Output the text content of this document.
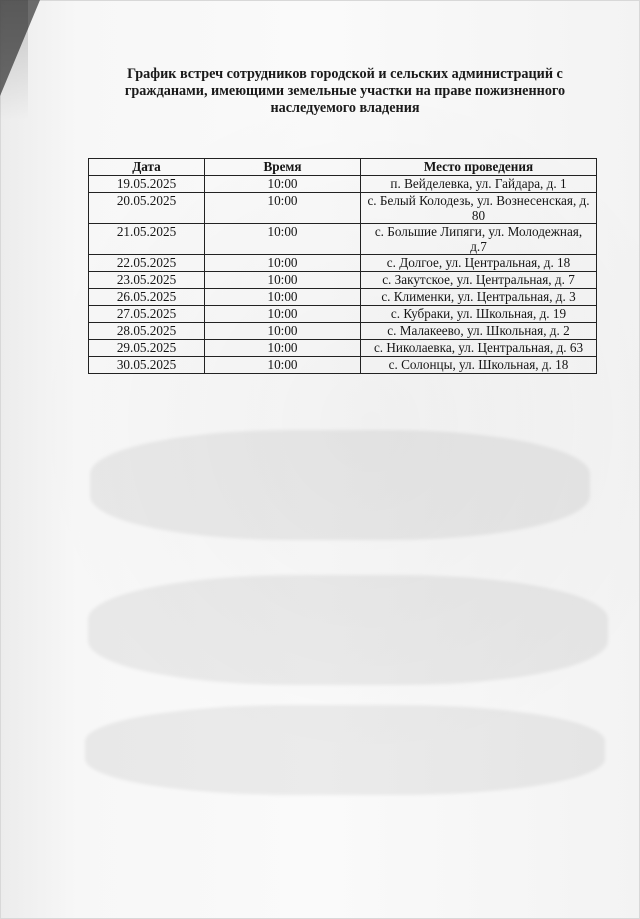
График встреч сотрудников городской и сельских администраций с
гражданами, имеющими земельные участки на праве пожизненного
наследуемого владения
Дата	Время	Место проведения
19.05.2025	10:00	п. Вейделевка, ул. Гайдара, д. 1
20.05.2025	10:00	с. Белый Колодезь, ул. Вознесенская, д. 80
21.05.2025	10:00	с. Большие Липяги, ул. Молодежная, д.7
22.05.2025	10:00	с. Долгое, ул. Центральная, д. 18
23.05.2025	10:00	с. Закутское, ул. Центральная, д. 7
26.05.2025	10:00	с. Клименки, ул. Центральная, д. 3
27.05.2025	10:00	с. Кубраки, ул. Школьная, д. 19
28.05.2025	10:00	с. Малакеево, ул. Школьная, д. 2
29.05.2025	10:00	с. Николаевка, ул. Центральная, д. 63
30.05.2025	10:00	с. Солонцы, ул. Школьная, д. 18
